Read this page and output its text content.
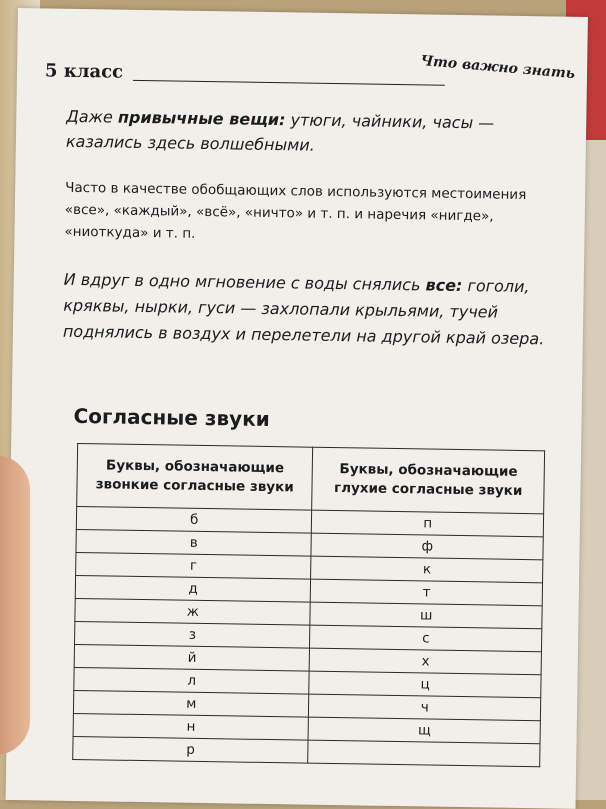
5 класс	Что важно знать

Даже привычные вещи: утюги, чайники, часы — казались здесь волшебными.

Часто в качестве обобщающих слов используются местоимения «все», «каждый», «всё», «ничто» и т. п. и наречия «нигде», «ниоткуда» и т. п.

И вдруг в одно мгновение с воды снялись все: гоголи, кряквы, нырки, гуси — захлопали крыльями, тучей поднялись в воздух и перелетели на другой край озера.

Согласные звуки
Буквы, обозначающие звонкие согласные звуки	Буквы, обозначающие глухие согласные звуки
б	п
в	ф
г	к
д	т
ж	ш
з	с
й	х
л	ц
м	ч
н	щ
р	
